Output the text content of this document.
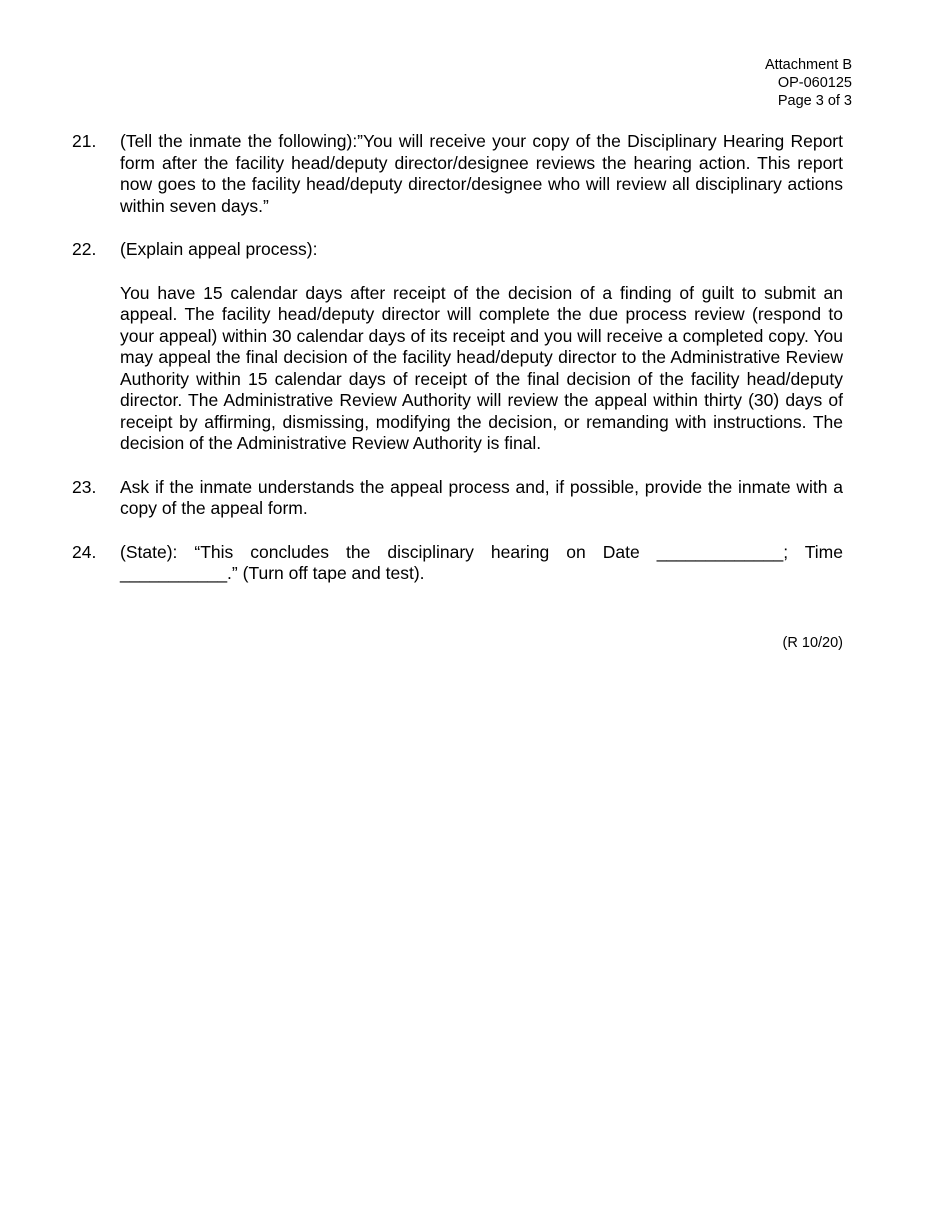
Attachment B
OP-060125
Page 3 of 3
21.	(Tell the inmate the following):”You will receive your copy of the Disciplinary Hearing Report form after the facility head/deputy director/designee reviews the hearing action. This report now goes to the facility head/deputy director/designee who will review all disciplinary actions within seven days.”

22.	(Explain appeal process):

You have 15 calendar days after receipt of the decision of a finding of guilt to submit an appeal. The facility head/deputy director will complete the due process review (respond to your appeal) within 30 calendar days of its receipt and you will receive a completed copy. You may appeal the final decision of the facility head/deputy director to the Administrative Review Authority within 15 calendar days of receipt of the final decision of the facility head/deputy director. The Administrative Review Authority will review the appeal within thirty (30) days of receipt by affirming, dismissing, modifying the decision, or remanding with instructions. The decision of the Administrative Review Authority is final.

23.	Ask if the inmate understands the appeal process and, if possible, provide the inmate with a copy of the appeal form.

24.	(State): “This concludes the disciplinary hearing on Date _____________; Time ___________.” (Turn off tape and test).

(R 10/20)
